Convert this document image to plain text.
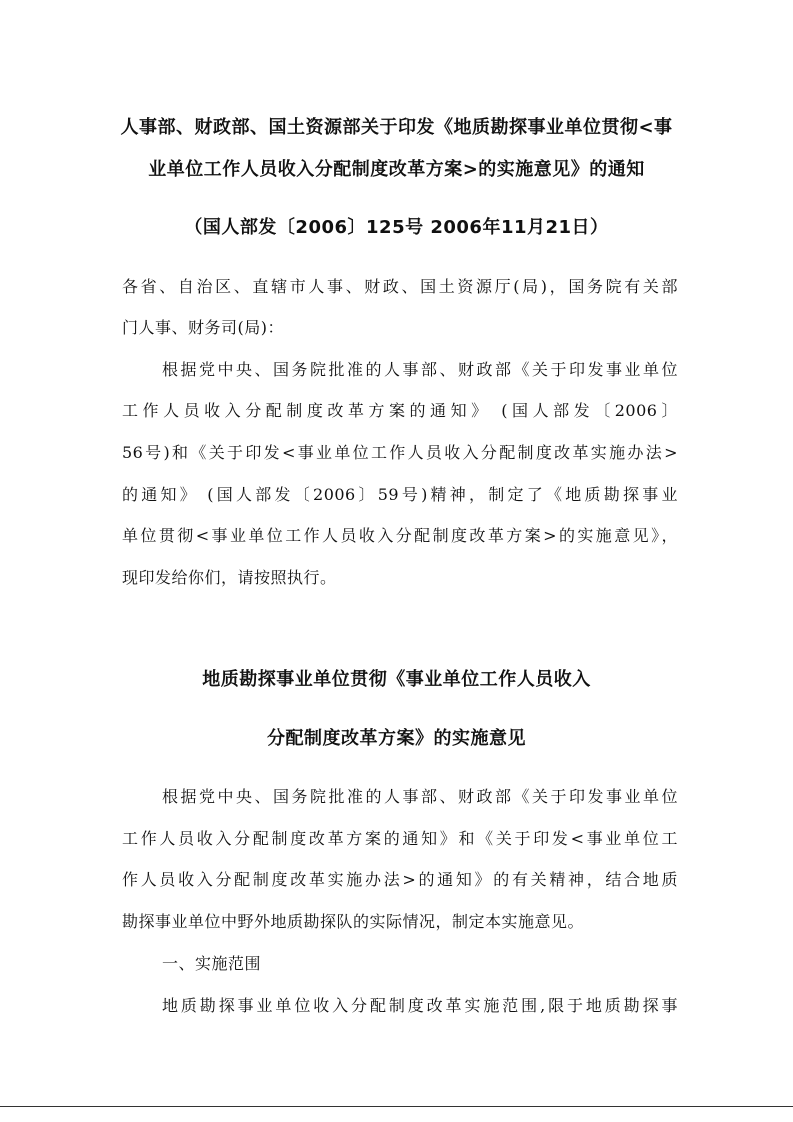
人事部、财政部、国土资源部关于印发《地质勘探事业单位贯彻<事
业单位工作人员收入分配制度改革方案>的实施意见》的通知
（国人部发〔2006〕125号 2006年11月21日）
各省、自治区、直辖市人事、财政、国土资源厅(局)，国务院有关部
门人事、财务司(局)：
根据党中央、国务院批准的人事部、财政部《关于印发事业单位
工作人员收入分配制度改革方案的通知》 (国人部发〔2006〕
56号)和《关于印发<事业单位工作人员收入分配制度改革实施办法>
的通知》 (国人部发〔2006〕59号)精神，制定了《地质勘探事业
单位贯彻<事业单位工作人员收入分配制度改革方案>的实施意见》，
现印发给你们，请按照执行。
地质勘探事业单位贯彻《事业单位工作人员收入
分配制度改革方案》的实施意见
根据党中央、国务院批准的人事部、财政部《关于印发事业单位
工作人员收入分配制度改革方案的通知》和《关于印发<事业单位工
作人员收入分配制度改革实施办法>的通知》的有关精神，结合地质
勘探事业单位中野外地质勘探队的实际情况，制定本实施意见。
一、实施范围
地质勘探事业单位收入分配制度改革实施范围,限于地质勘探事
